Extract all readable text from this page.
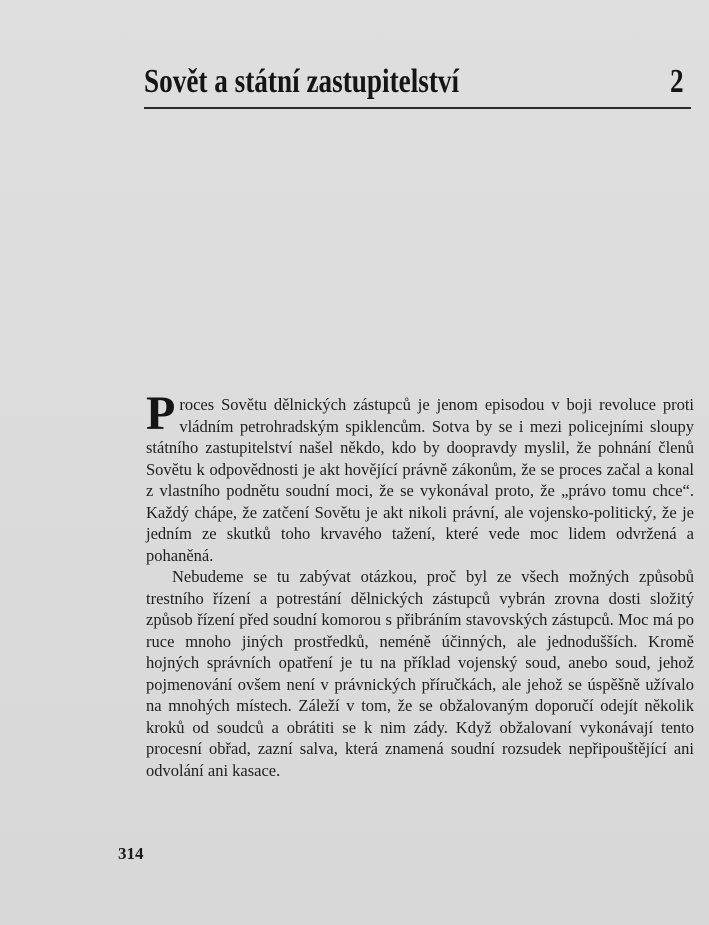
Sovět a státní zastupitelství	2

Proces Sovětu dělnických zástupců je jenom episodou v boji revoluce proti vládním petrohradským spiklencům. Sotva by se i mezi policejními sloupy státního zastupitelství našel někdo, kdo by doopravdy myslil, že pohnání členů Sovětu k odpovědnosti je akt hovějící právně zákonům, že se proces začal a konal z vlastního podnětu soudní moci, že se vykonával proto, že „právo tomu chce“. Každý chápe, že zatčení Sovětu je akt nikoli právní, ale vojensko-politický, že je jedním ze skutků toho krvavého tažení, které vede moc lidem odvržená a pohaněná.

Nebudeme se tu zabývat otázkou, proč byl ze všech možných způsobů trestního řízení a potrestání dělnických zástupců vybrán zrovna dosti složitý způsob řízení před soudní komorou s přibráním stavovských zástupců. Moc má po ruce mnoho jiných prostředků, neméně účinných, ale jednodušších. Kromě hojných správních opatření je tu na příklad vojenský soud, anebo soud, jehož pojmenování ovšem není v právnických příručkách, ale jehož se úspěšně užívalo na mnohých místech. Záleží v tom, že se obžalovaným doporučí odejít několik kroků od soudců a obrátiti se k nim zády. Když obžalovaní vykonávají tento procesní obřad, zazní salva, která znamená soudní rozsudek nepřipouštějící ani odvolání ani kasace.

314
